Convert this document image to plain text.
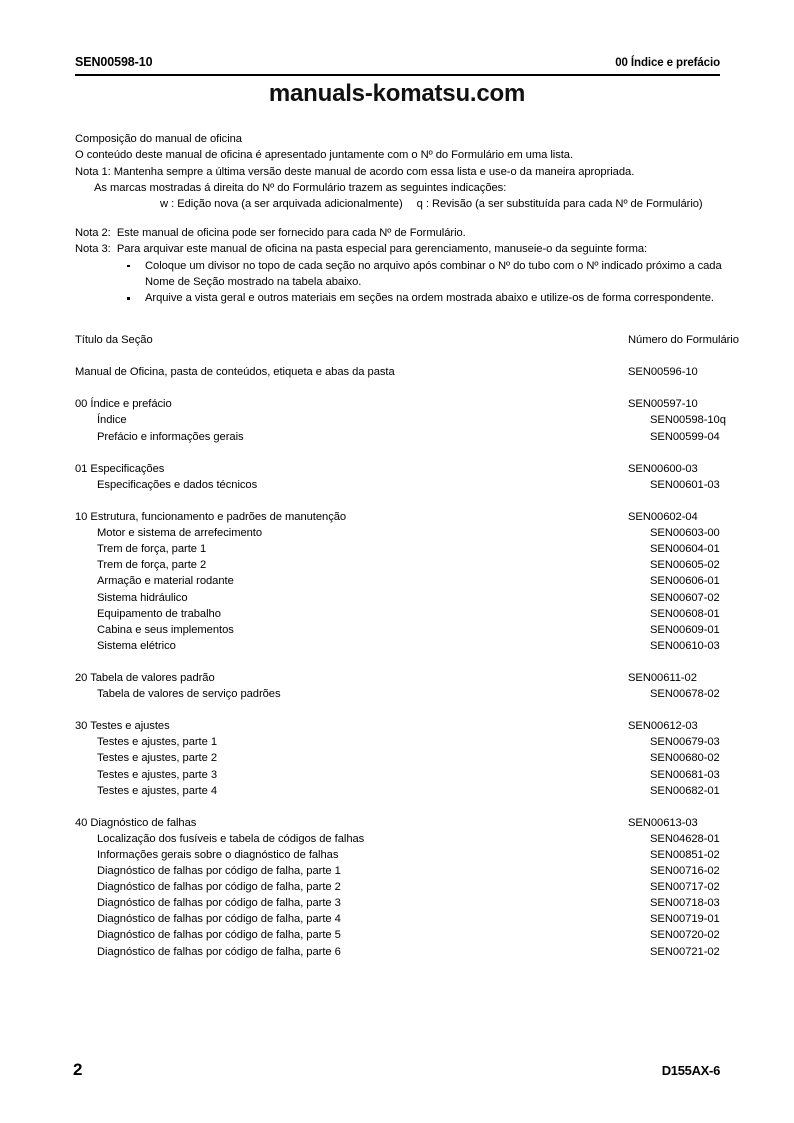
SEN00598-10	00 Índice e prefácio
manuals-komatsu.com
Composição do manual de oficina
O conteúdo deste manual de oficina é apresentado juntamente com o Nº do Formulário em uma lista.
Nota 1: Mantenha sempre a última versão deste manual de acordo com essa lista e use-o da maneira apropriada.
As marcas mostradas á direita do Nº do Formulário trazem as seguintes indicações:
w : Edição nova (a ser arquivada adicionalmente) q : Revisão (a ser substituída para cada Nº de Formulário)
Nota 2: Este manual de oficina pode ser fornecido para cada Nº de Formulário.
Nota 3: Para arquivar este manual de oficina na pasta especial para gerenciamento, manuseie-o da seguinte forma:
Coloque um divisor no topo de cada seção no arquivo após combinar o Nº do tubo com o Nº indicado próximo a cada Nome de Seção mostrado na tabela abaixo.
Arquive a vista geral e outros materiais em seções na ordem mostrada abaixo e utilize-os de forma correspondente.
Título da Seção	Número do Formulário
Manual de Oficina, pasta de conteúdos, etiqueta e abas da pasta	SEN00596-10
00 Índice e prefácio	SEN00597-10
Índice	SEN00598-10q
Prefácio e informações gerais	SEN00599-04
01 Especificações	SEN00600-03
Especificações e dados técnicos	SEN00601-03
10 Estrutura, funcionamento e padrões de manutenção	SEN00602-04
Motor e sistema de arrefecimento	SEN00603-00
Trem de força, parte 1	SEN00604-01
Trem de força, parte 2	SEN00605-02
Armação e material rodante	SEN00606-01
Sistema hidráulico	SEN00607-02
Equipamento de trabalho	SEN00608-01
Cabina e seus implementos	SEN00609-01
Sistema elétrico	SEN00610-03
20 Tabela de valores padrão	SEN00611-02
Tabela de valores de serviço padrões	SEN00678-02
30 Testes e ajustes	SEN00612-03
Testes e ajustes, parte 1	SEN00679-03
Testes e ajustes, parte 2	SEN00680-02
Testes e ajustes, parte 3	SEN00681-03
Testes e ajustes, parte 4	SEN00682-01
40 Diagnóstico de falhas	SEN00613-03
Localização dos fusíveis e tabela de códigos de falhas	SEN04628-01
Informações gerais sobre o diagnóstico de falhas	SEN00851-02
Diagnóstico de falhas por código de falha, parte 1	SEN00716-02
Diagnóstico de falhas por código de falha, parte 2	SEN00717-02
Diagnóstico de falhas por código de falha, parte 3	SEN00718-03
Diagnóstico de falhas por código de falha, parte 4	SEN00719-01
Diagnóstico de falhas por código de falha, parte 5	SEN00720-02
Diagnóstico de falhas por código de falha, parte 6	SEN00721-02
2	D155AX-6
